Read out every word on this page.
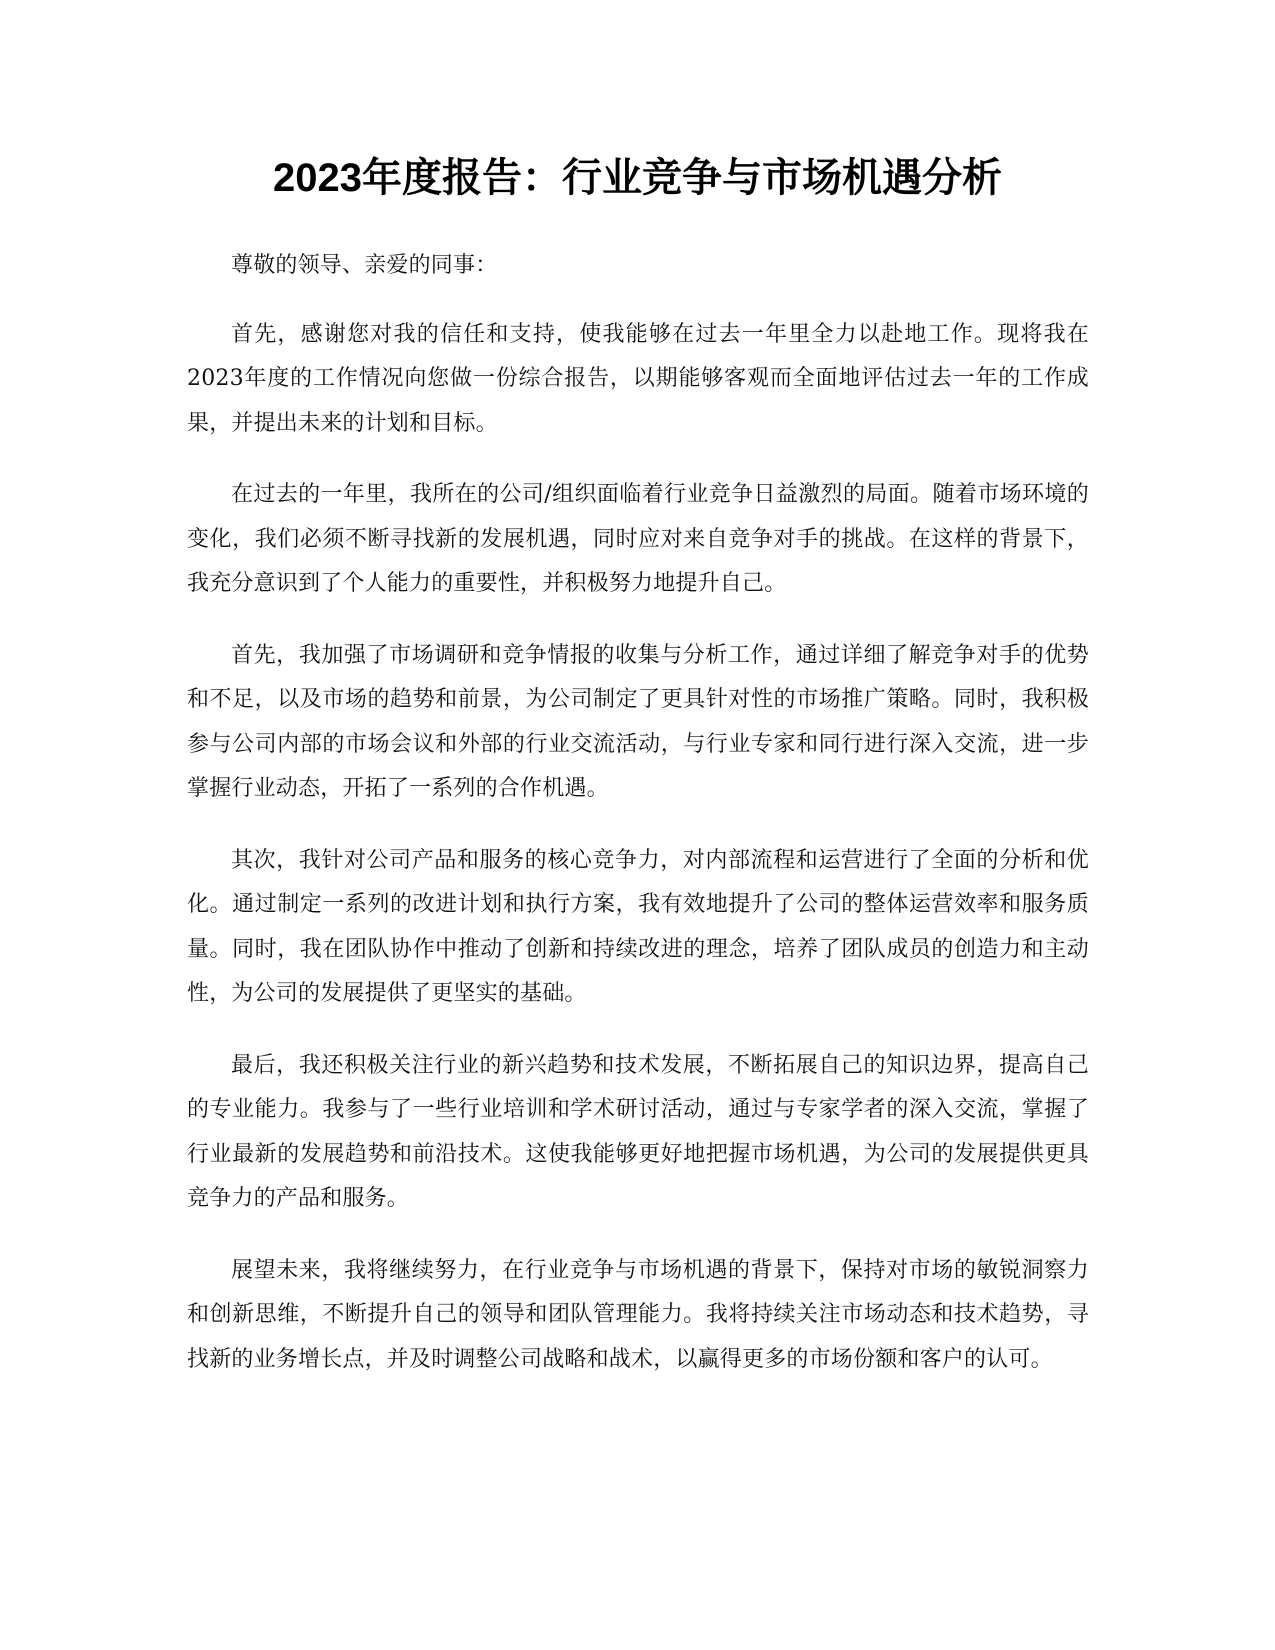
2023年度报告：行业竞争与市场机遇分析

尊敬的领导、亲爱的同事：

首先，感谢您对我的信任和支持，使我能够在过去一年里全力以赴地工作。现将我在2023年度的工作情况向您做一份综合报告，以期能够客观而全面地评估过去一年的工作成果，并提出未来的计划和目标。

在过去的一年里，我所在的公司/组织面临着行业竞争日益激烈的局面。随着市场环境的变化，我们必须不断寻找新的发展机遇，同时应对来自竞争对手的挑战。在这样的背景下，我充分意识到了个人能力的重要性，并积极努力地提升自己。

首先，我加强了市场调研和竞争情报的收集与分析工作，通过详细了解竞争对手的优势和不足，以及市场的趋势和前景，为公司制定了更具针对性的市场推广策略。同时，我积极参与公司内部的市场会议和外部的行业交流活动，与行业专家和同行进行深入交流，进一步掌握行业动态，开拓了一系列的合作机遇。

其次，我针对公司产品和服务的核心竞争力，对内部流程和运营进行了全面的分析和优化。通过制定一系列的改进计划和执行方案，我有效地提升了公司的整体运营效率和服务质量。同时，我在团队协作中推动了创新和持续改进的理念，培养了团队成员的创造力和主动性，为公司的发展提供了更坚实的基础。

最后，我还积极关注行业的新兴趋势和技术发展，不断拓展自己的知识边界，提高自己的专业能力。我参与了一些行业培训和学术研讨活动，通过与专家学者的深入交流，掌握了行业最新的发展趋势和前沿技术。这使我能够更好地把握市场机遇，为公司的发展提供更具竞争力的产品和服务。

展望未来，我将继续努力，在行业竞争与市场机遇的背景下，保持对市场的敏锐洞察力和创新思维，不断提升自己的领导和团队管理能力。我将持续关注市场动态和技术趋势，寻找新的业务增长点，并及时调整公司战略和战术，以赢得更多的市场份额和客户的认可。
